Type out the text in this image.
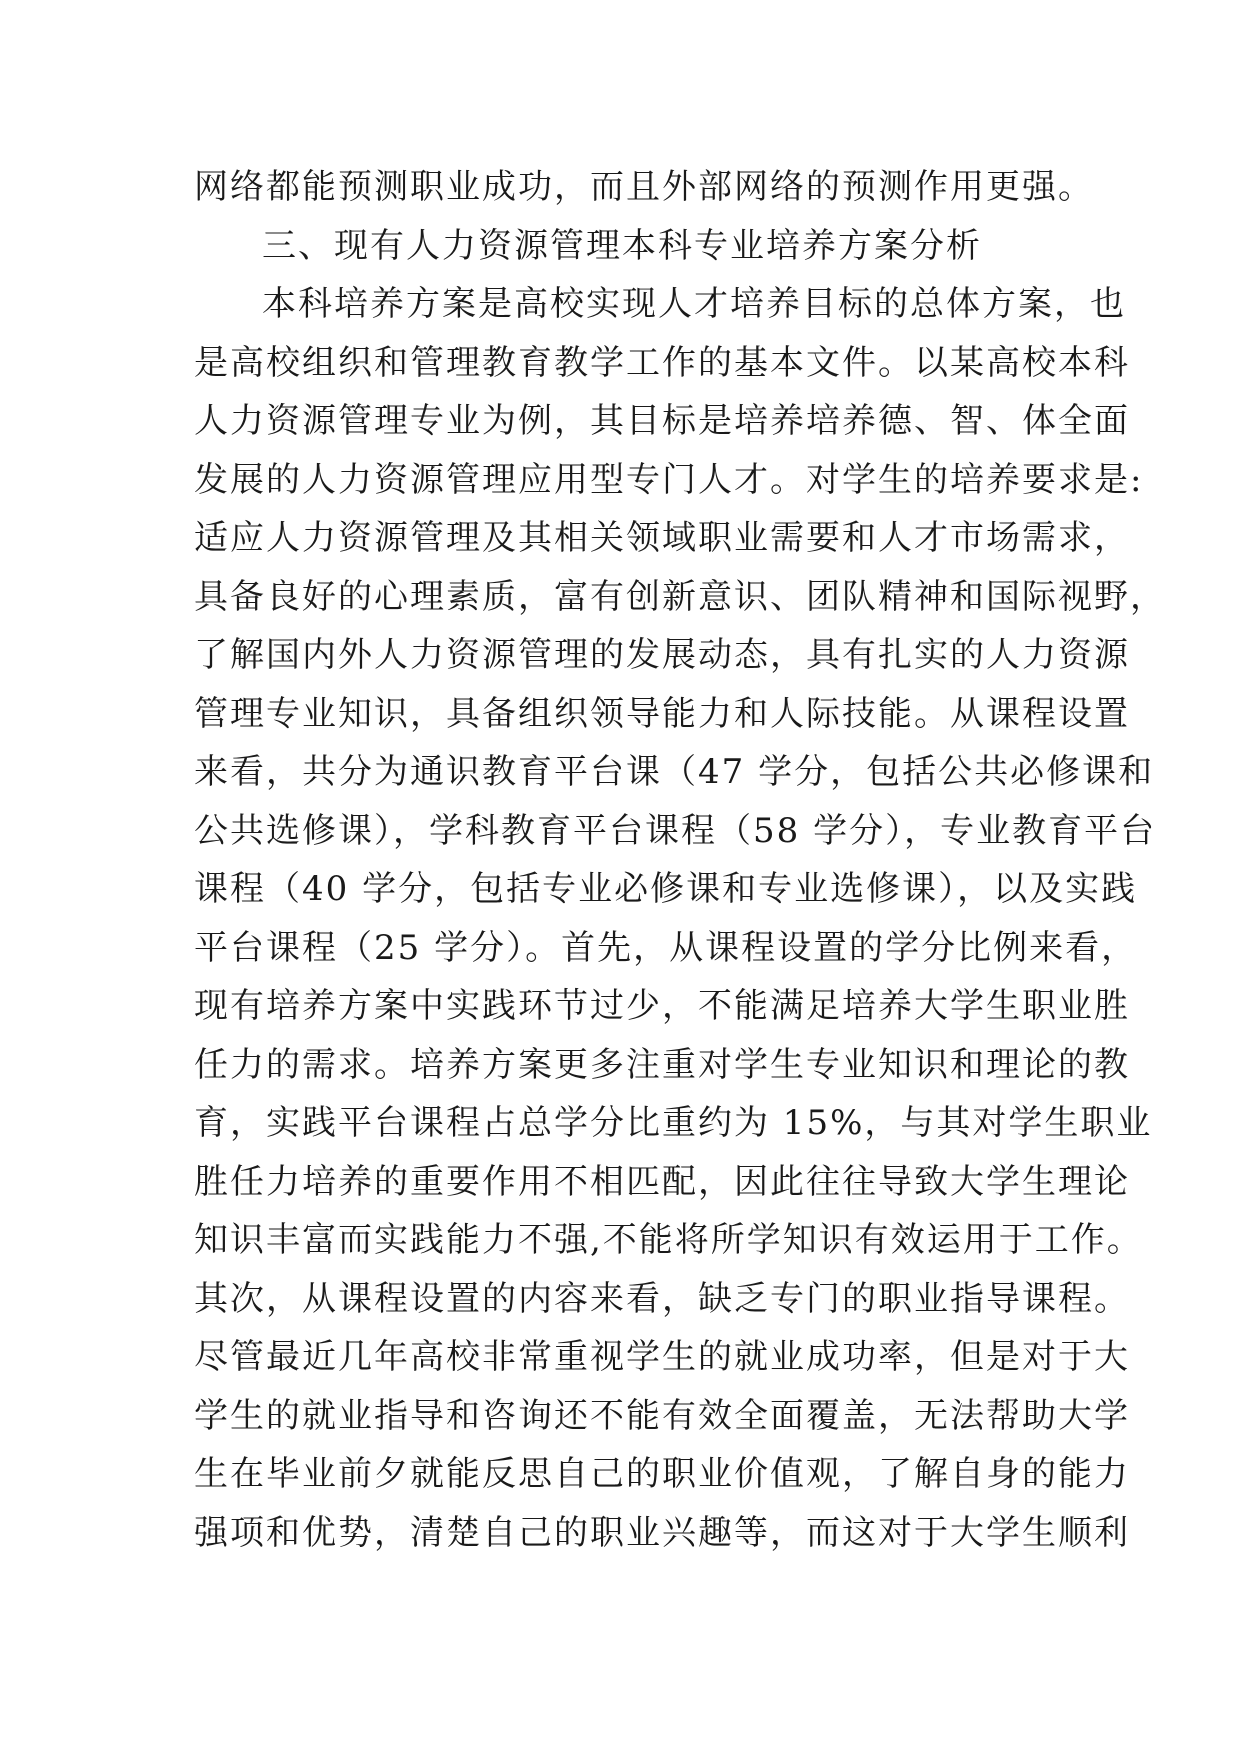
网络都能预测职业成功，而且外部网络的预测作用更强。
三、现有人力资源管理本科专业培养方案分析
本科培养方案是高校实现人才培养目标的总体方案，也
是高校组织和管理教育教学工作的基本文件。以某高校本科
人力资源管理专业为例，其目标是培养培养德、智、体全面
发展的人力资源管理应用型专门人才。对学生的培养要求是:
适应人力资源管理及其相关领域职业需要和人才市场需求，
具备良好的心理素质，富有创新意识、团队精神和国际视野，
了解国内外人力资源管理的发展动态，具有扎实的人力资源
管理专业知识，具备组织领导能力和人际技能。从课程设置
来看，共分为通识教育平台课（47 学分，包括公共必修课和
公共选修课），学科教育平台课程（58 学分），专业教育平台
课程（40 学分，包括专业必修课和专业选修课），以及实践
平台课程（25 学分）。首先，从课程设置的学分比例来看，
现有培养方案中实践环节过少，不能满足培养大学生职业胜
任力的需求。培养方案更多注重对学生专业知识和理论的教
育，实践平台课程占总学分比重约为 15%，与其对学生职业
胜任力培养的重要作用不相匹配，因此往往导致大学生理论
知识丰富而实践能力不强,不能将所学知识有效运用于工作。
其次，从课程设置的内容来看，缺乏专门的职业指导课程。
尽管最近几年高校非常重视学生的就业成功率，但是对于大
学生的就业指导和咨询还不能有效全面覆盖，无法帮助大学
生在毕业前夕就能反思自己的职业价值观，了解自身的能力
强项和优势，清楚自己的职业兴趣等，而这对于大学生顺利
